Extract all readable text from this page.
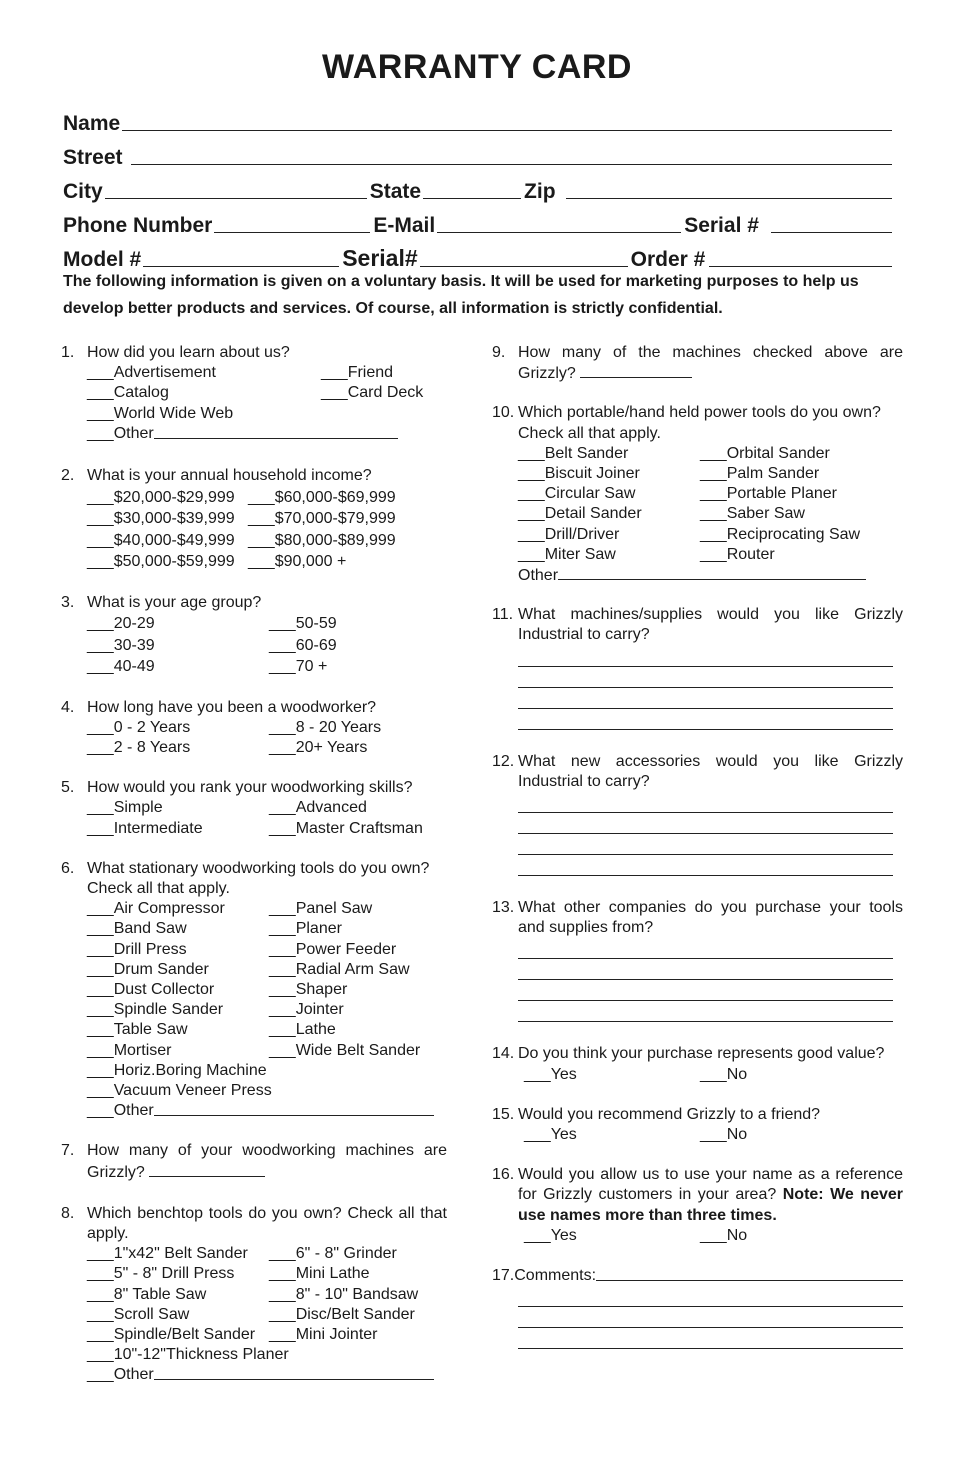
WARRANTY CARD
Name
Street
City	State	Zip
Phone Number	E-Mail	Serial #
Model #	Serial#	Order #
The following information is given on a voluntary basis. It will be used for marketing purposes to help us develop better products and services. Of course, all information is strictly confidential.
1. How did you learn about us?
___Advertisement	___Friend
___Catalog	___Card Deck
___World Wide Web
___Other
2. What is your annual household income?
___$20,000-$29,999 ___$60,000-$69,999
___$30,000-$39,999 ___$70,000-$79,999
___$40,000-$49,999 ___$80,000-$89,999
___$50,000-$59,999 ___$90,000 +
3. What is your age group?
___20-29	___50-59
___30-39	___60-69
___40-49	___70 +
4. How long have you been a woodworker?
___0 - 2 Years	___8 - 20 Years
___2 - 8 Years	___20+ Years
5. How would you rank your woodworking skills?
___Simple	___Advanced
___Intermediate	___Master Craftsman
6. What stationary woodworking tools do you own? Check all that apply.
___Air Compressor	___Panel Saw
___Band Saw	___Planer
___Drill Press	___Power Feeder
___Drum Sander	___Radial Arm Saw
___Dust Collector	___Shaper
___Spindle Sander	___Jointer
___Table Saw	___Lathe
___Mortiser	___Wide Belt Sander
___Horiz.Boring Machine
___Vacuum Veneer Press
___Other
7. How many of your woodworking machines are Grizzly?
8. Which benchtop tools do you own? Check all that apply.
___1"x42" Belt Sander	___6" - 8" Grinder
___5" - 8" Drill Press	___Mini Lathe
___8" Table Saw	___8" - 10" Bandsaw
___Scroll Saw	___Disc/Belt Sander
___Spindle/Belt Sander ___Mini Jointer
___10"-12"Thickness Planer
___Other
9. How many of the machines checked above are Grizzly?
10. Which portable/hand held power tools do you own? Check all that apply.
___Belt Sander	___Orbital Sander
___Biscuit Joiner	___Palm Sander
___Circular Saw	___Portable Planer
___Detail Sander	___Saber Saw
___Drill/Driver	___Reciprocating Saw
___Miter Saw	___Router
Other
11. What machines/supplies would you like Grizzly Industrial to carry?
12. What new accessories would you like Grizzly Industrial to carry?
13. What other companies do you purchase your tools and supplies from?
14. Do you think your purchase represents good value?
___Yes	___No
15. Would you recommend Grizzly to a friend?
___Yes	___No
16. Would you allow us to use your name as a reference for Grizzly customers in your area? Note: We never use names more than three times.
___Yes	___No
17.Comments:
